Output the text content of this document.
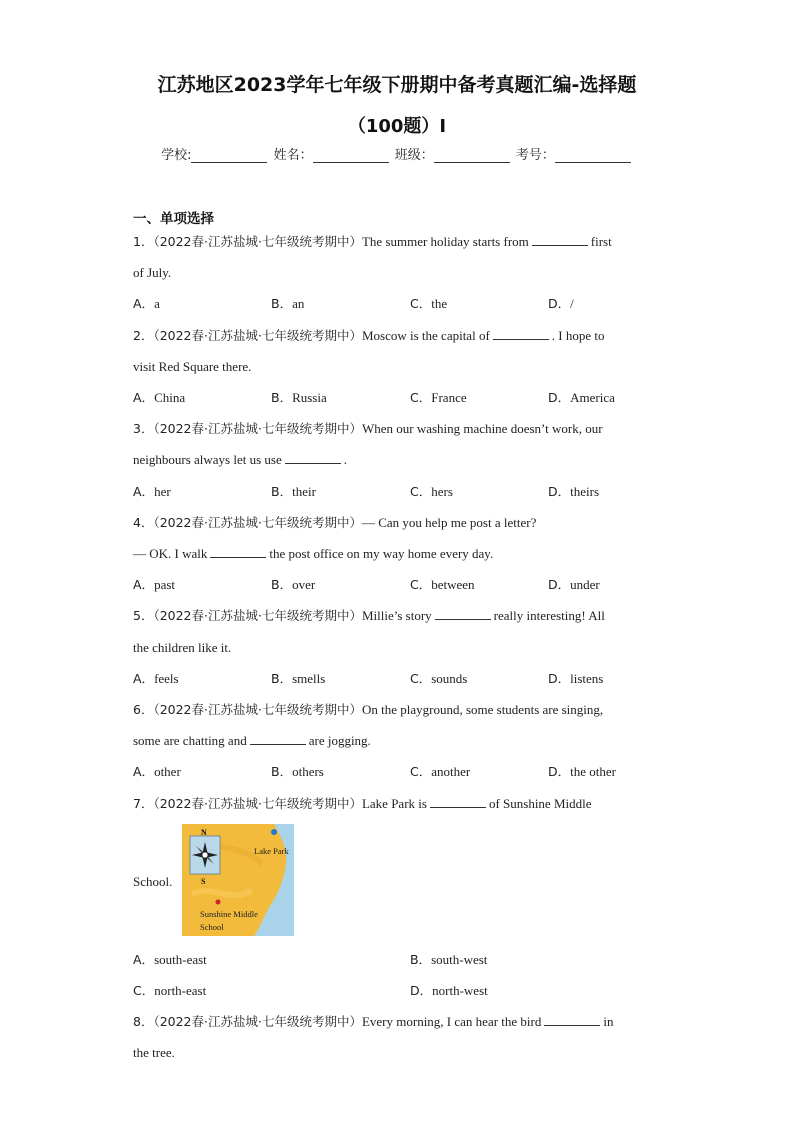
江苏地区2023学年七年级下册期中备考真题汇编-选择题
（100题）Ⅰ
学校:	姓名：	班级：	考号：
一、单项选择
1．（2022春·江苏盐城·七年级统考期中）The summer holiday starts from	first
of July.
A．a	B．an	C．the	D．/
2．（2022春·江苏盐城·七年级统考期中）Moscow is the capital of	. I hope to
visit Red Square there.
A．China	B．Russia	C．France	D．America
3．（2022春·江苏盐城·七年级统考期中）When our washing machine doesn’t work, our
neighbours always let us use	.
A．her	B．their	C．hers	D．theirs
4．（2022春·江苏盐城·七年级统考期中）— Can you help me post a letter?
— OK. I walk	the post office on my way home every day.
A．past	B．over	C．between	D．under
5．（2022春·江苏盐城·七年级统考期中）Millie’s story	really interesting! All
the children like it.
A．feels	B．smells	C．sounds	D．listens
6．（2022春·江苏盐城·七年级统考期中）On the playground, some students are singing,
some are chatting and	are jogging.
A．other	B．others	C．another	D．the other
7．（2022春·江苏盐城·七年级统考期中）Lake Park is	of Sunshine Middle
School.
N
S
Lake Park
Sunshine Middle
School
A．south-east	B．south-west
C．north-east	D．north-west
8．（2022春·江苏盐城·七年级统考期中）Every morning, I can hear the bird	in
the tree.
